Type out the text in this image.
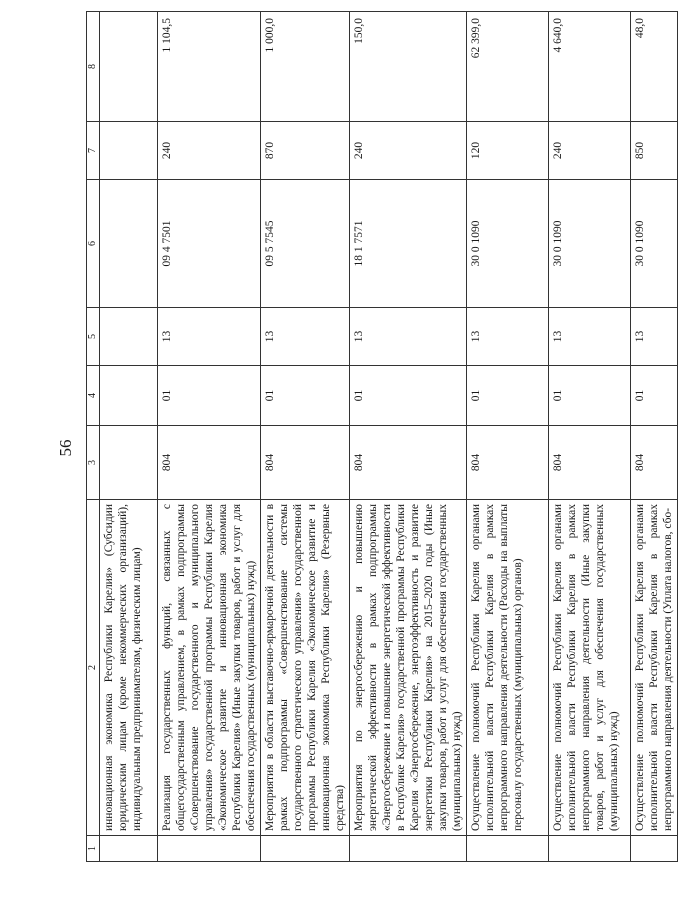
56
1	2	3	4	5	6	7	8
	инновационная экономика Республики Карелия» (Субсидии юридическим лицам (кроме некоммерческих организаций), индивидуальным предпринимателям, физическим лицам)						
	Реализация государственных функций, связанных с общегосударственным управлением, в рамках подпрограммы «Совершенствование государственного и муниципального управления» государственной программы Республики Карелия «Экономическое развитие и инновационная экономика Республики Карелия» (Иные закупки товаров, работ и услуг для обеспечения государственных (муниципальных) нужд)	804	01	13	09 4 7501	240	1 104,5
	Мероприятия в области выставочно-ярмарочной деятельности в рамках подпрограммы «Совершенствование системы государственного стратегического управления» государственной программы Республики Карелия «Экономическое развитие и инновационная экономика Республики Карелия» (Резервные средства)	804	01	13	09 5 7545	870	1 000,0
	Мероприятия по энергосбережению и повышению энергетической эффективности в рамках подпрограммы «Энергосбережение и повышение энергетической эффективности в Республике Карелия» государственной программы Республики Карелия «Энергосбережение, энергоэффективность и развитие энергетики Республики Карелия» на 2015–2020 годы (Иные закупки товаров, работ и услуг для обеспечения государственных (муниципальных) нужд)	804	01	13	18 1 7571	240	150,0
	Осуществление полномочий Республики Карелия органами исполнительной власти Республики Карелия в рамках непрограммного направления деятельности (Расходы на выплаты персоналу государственных (муниципальных) органов)	804	01	13	30 0 1090	120	62 399,0
	Осуществление полномочий Республики Карелия органами исполнительной власти Республики Карелия в рамках непрограммного направления деятельности (Иные закупки товаров, работ и услуг для обеспечения государственных (муниципальных) нужд)	804	01	13	30 0 1090	240	4 640,0
	Осуществление полномочий Республики Карелия органами исполнительной власти Республики Карелия в рамках непрограммного направления деятельности (Уплата налогов, сбо-	804	01	13	30 0 1090	850	48,0
